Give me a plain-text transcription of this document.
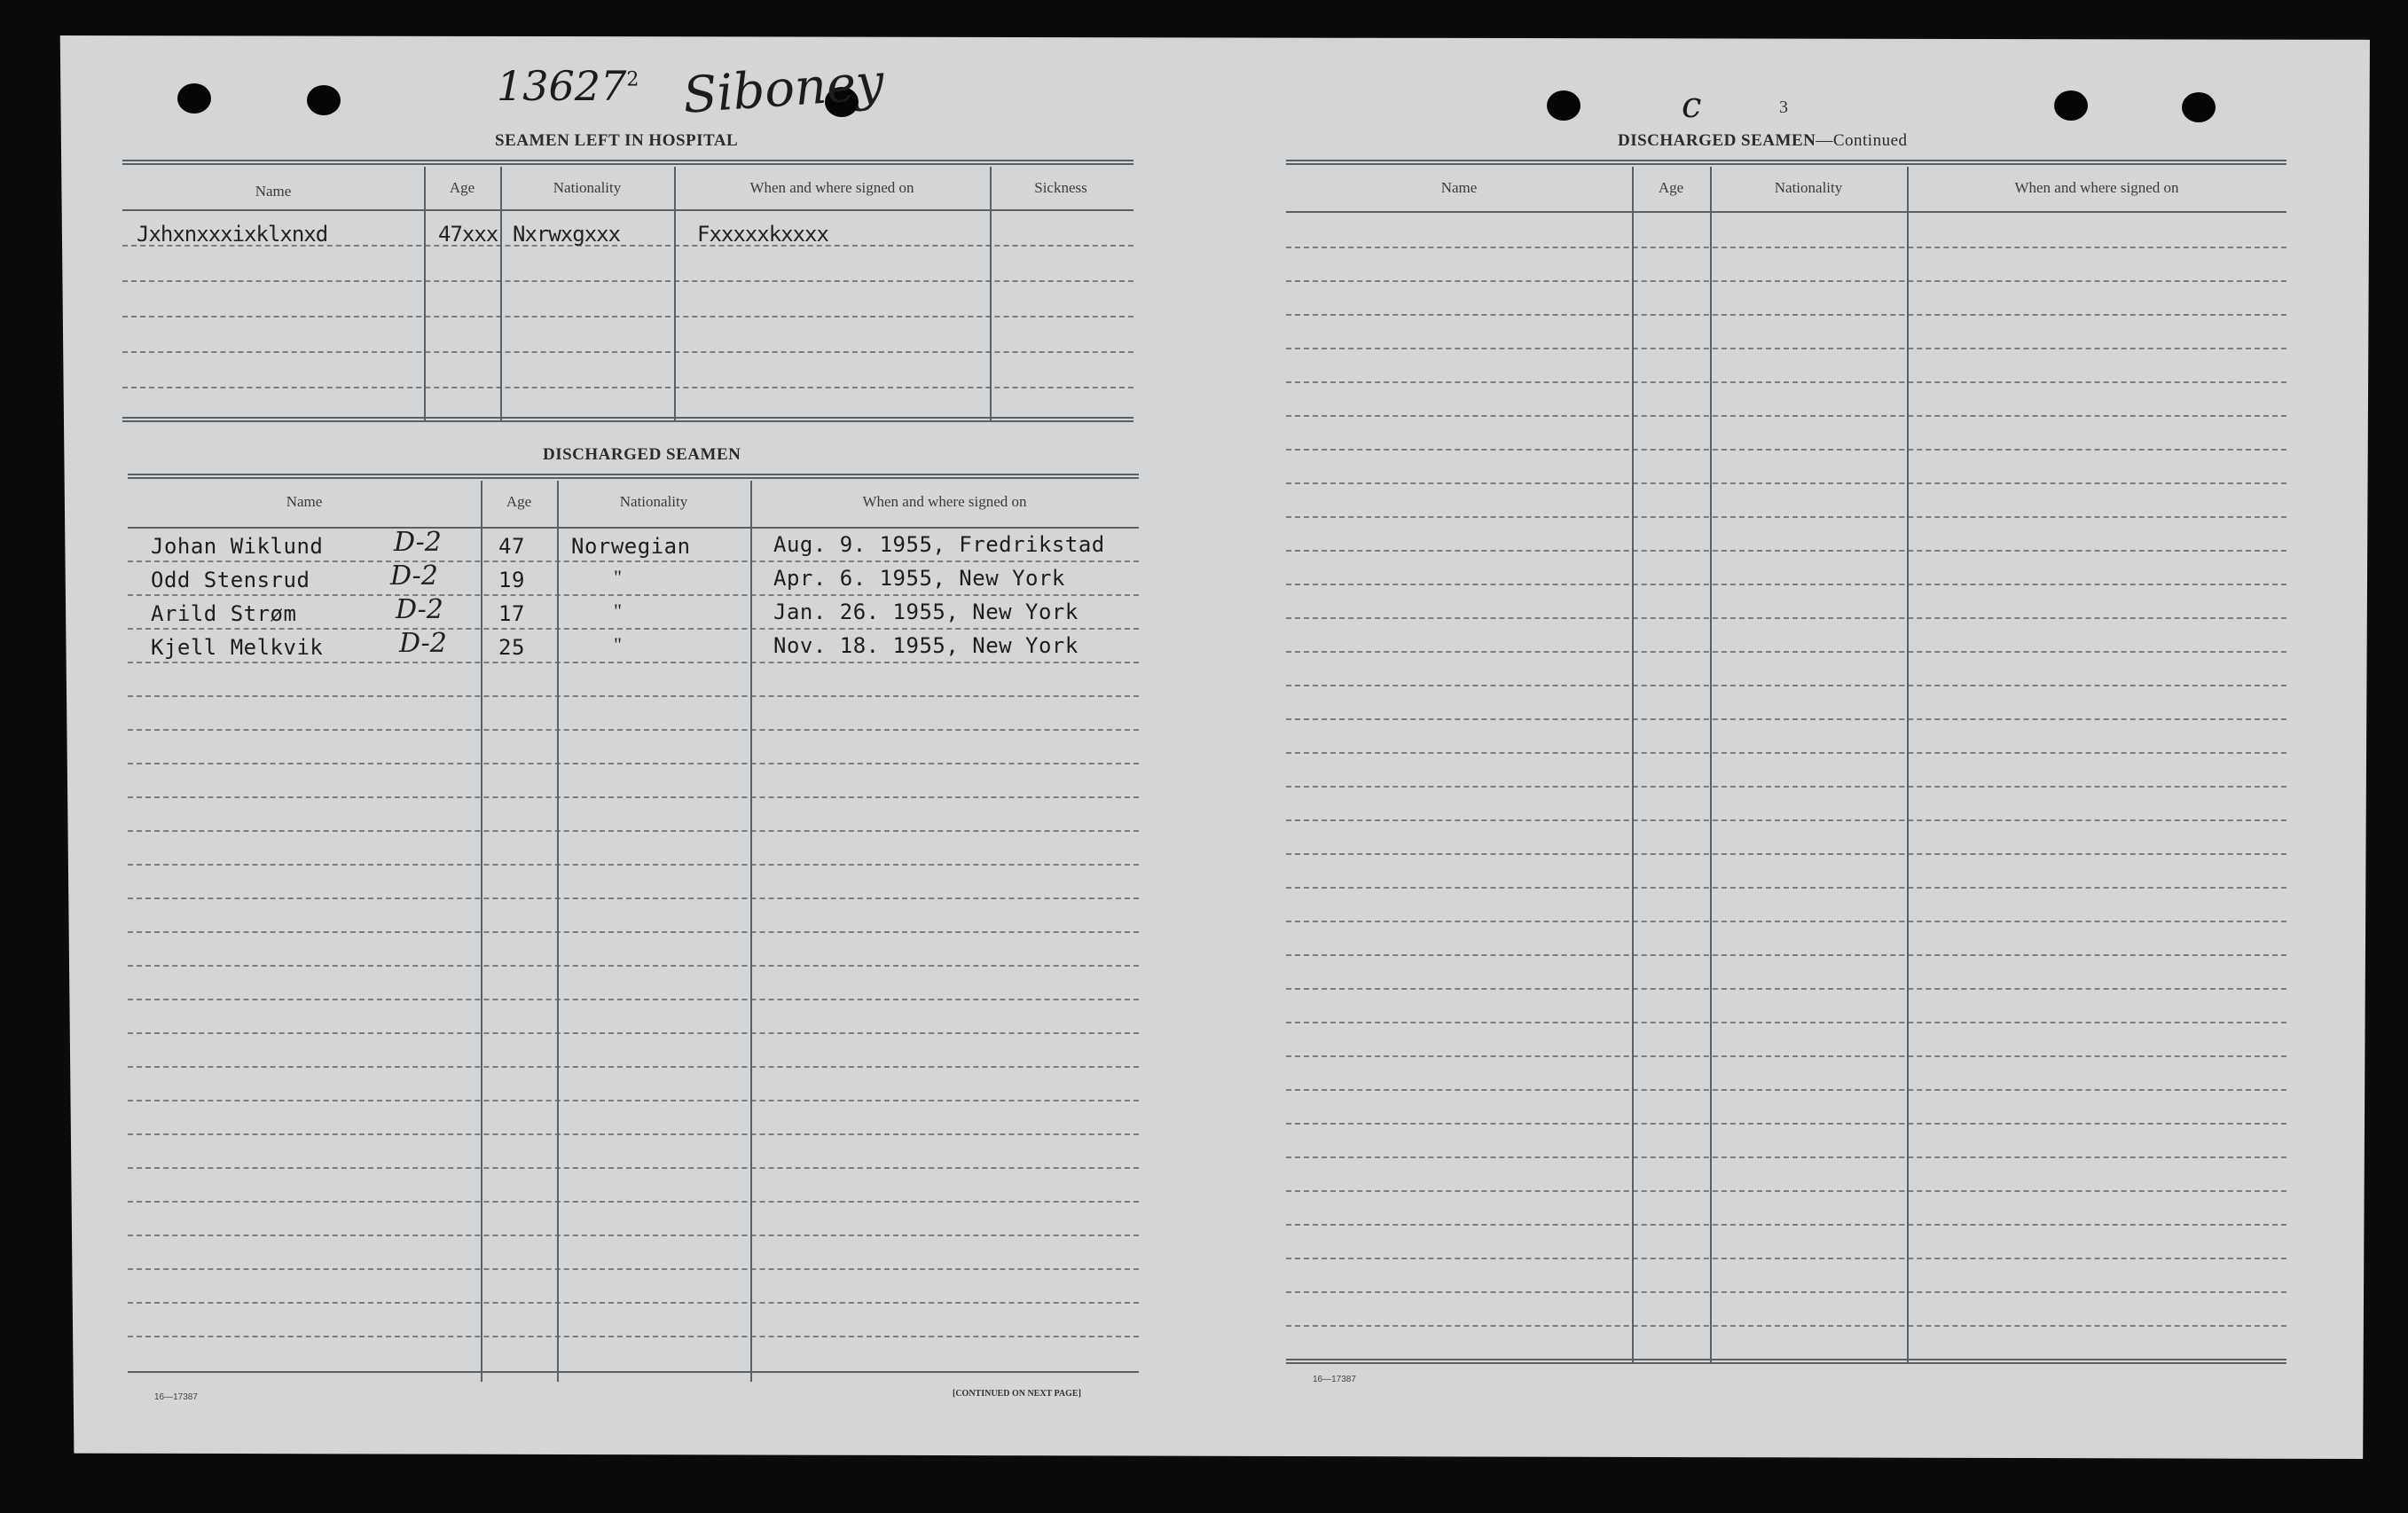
13627$^2$ Siboney	c
SEAMEN LEFT IN HOSPITAL
Name	Age	Nationality	When and where signed on	Sickness
Jxhxnxxxixklxnxd	47xxx Nxrwxgxxx	Fxxxxxkxxxx
DISCHARGED SEAMEN
Name	Age	Nationality	When and where signed on
Johan Wiklund	D-2	47 Norwegian	Aug. 9. 1955, Fredrikstad
Odd Stensrud	D-2	19	"	Apr. 6. 1955, New York
Arild Strøm	D-2	17	"	Jan. 26. 1955, New York
Kjell Melkvik	D-2 25	"	Nov. 18. 1955, New York
16—17387	[CONTINUED ON NEXT PAGE]
3
DISCHARGED SEAMEN—Continued
Name	Age	Nationality	When and where signed on
16—17387
